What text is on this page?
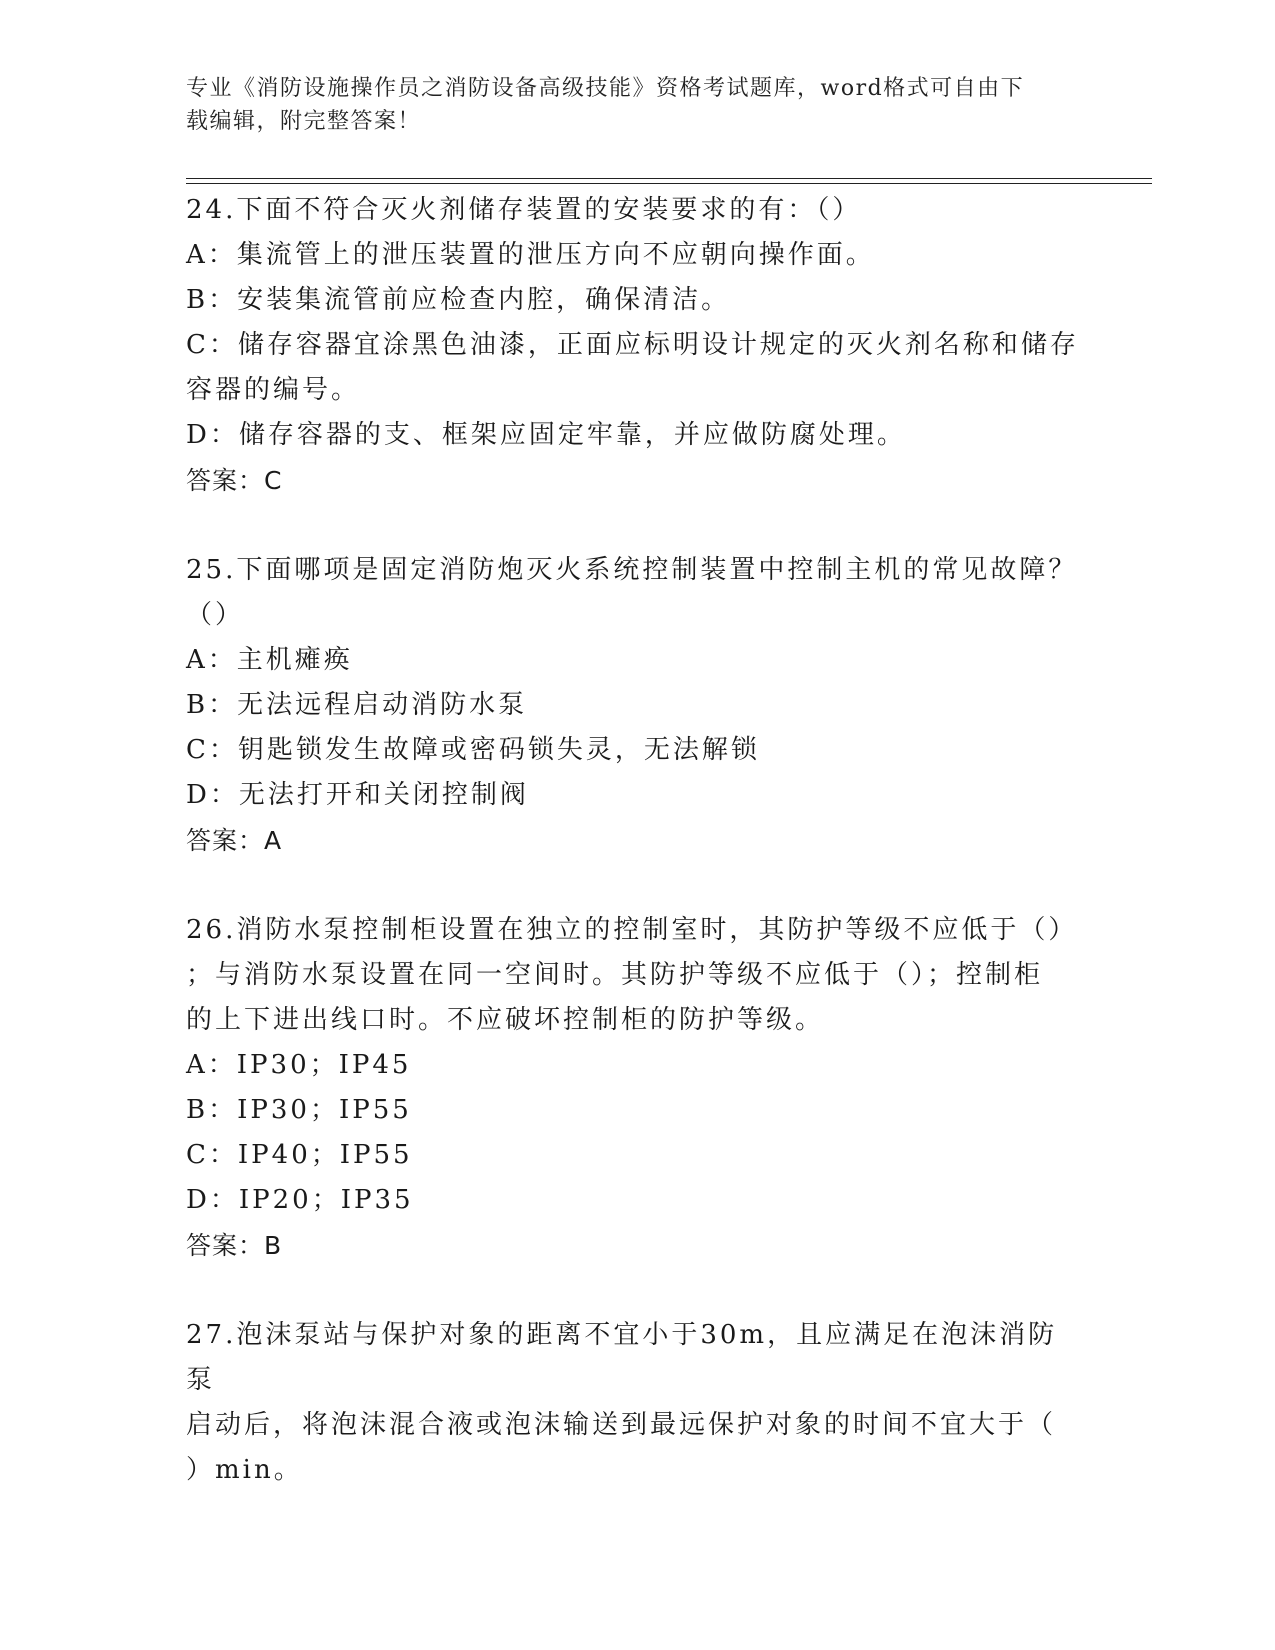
专业《消防设施操作员之消防设备高级技能》资格考试题库，word格式可自由下
载编辑，附完整答案！

24.下面不符合灭火剂储存装置的安装要求的有：（）

A：集流管上的泄压装置的泄压方向不应朝向操作面。

B：安装集流管前应检查内腔，确保清洁。

C：储存容器宜涂黑色油漆，正面应标明设计规定的灭火剂名称和储存

容器的编号。

D：储存容器的支、框架应固定牢靠，并应做防腐处理。

答案：C

25.下面哪项是固定消防炮灭火系统控制装置中控制主机的常见故障？

（）

A：主机瘫痪

B：无法远程启动消防水泵

C：钥匙锁发生故障或密码锁失灵，无法解锁

D：无法打开和关闭控制阀

答案：A

26.消防水泵控制柜设置在独立的控制室时，其防护等级不应低于（）

；与消防水泵设置在同一空间时。其防护等级不应低于（）；控制柜

的上下进出线口时。不应破坏控制柜的防护等级。

A：IP30；IP45

B：IP30；IP55

C：IP40；IP55

D：IP20；IP35

答案：B

27.泡沫泵站与保护对象的距离不宜小于30m，且应满足在泡沫消防泵

启动后，将泡沫混合液或泡沫输送到最远保护对象的时间不宜大于（

）min。
